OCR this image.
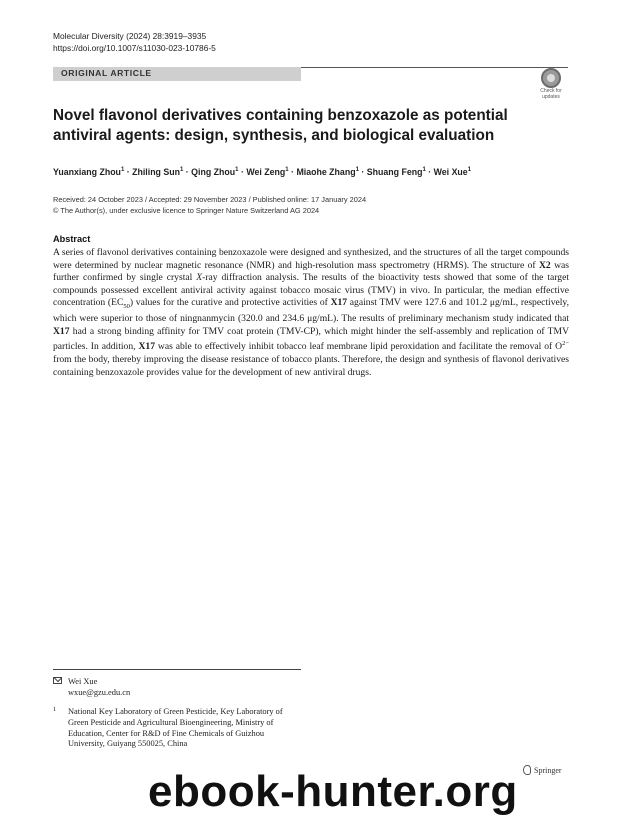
Molecular Diversity (2024) 28:3919–3935
https://doi.org/10.1007/s11030-023-10786-5
ORIGINAL ARTICLE
Check for
updates
Novel flavonol derivatives containing benzoxazole as potential antiviral agents: design, synthesis, and biological evaluation
Yuanxiang Zhou$^1$ · Zhiling Sun$^1$ · Qing Zhou$^1$ · Wei Zeng$^1$ · Miaohe Zhang$^1$ · Shuang Feng$^1$ · Wei Xue$^1$
Received: 24 October 2023 / Accepted: 29 November 2023 / Published online: 17 January 2024
© The Author(s), under exclusive licence to Springer Nature Switzerland AG 2024
Abstract

A series of flavonol derivatives containing benzoxazole were designed and synthesized, and the structures of all the target compounds were determined by nuclear magnetic resonance (NMR) and high-resolution mass spectrometry (HRMS). The structure of X2 was further confirmed by single crystal X-ray diffraction analysis. The results of the bioactivity tests showed that some of the target compounds possessed excellent antiviral activity against tobacco mosaic virus (TMV) in vivo. In particular, the median effective concentration $(EC_{50})$ values for the curative and protective activities of X17 against TMV were 127.6 and 101.2 μg/mL, respectively, which were superior to those of ningnanmycin (320.0 and 234.6 μg/mL). The results of preliminary mechanism study indicated that X17 had a strong binding affinity for TMV coat protein (TMV-CP), which might hinder the self-assembly and replication of TMV particles. In addition, X17 was able to effectively inhibit tobacco leaf membrane lipid peroxidation and facilitate the removal of $O^{2-}$ from the body, thereby improving the disease resistance of tobacco plants. Therefore, the design and synthesis of flavonol derivatives containing benzoxazole provides value for the development of new antiviral drugs.

Wei Xue
wxue@gzu.edu.cn
1 National Key Laboratory of Green Pesticide, Key Laboratory of Green Pesticide and Agricultural Bioengineering, Ministry of Education, Center for R&D of Fine Chemicals of Guizhou University, Guiyang 550025, China
Springer
ebook-hunter.org
